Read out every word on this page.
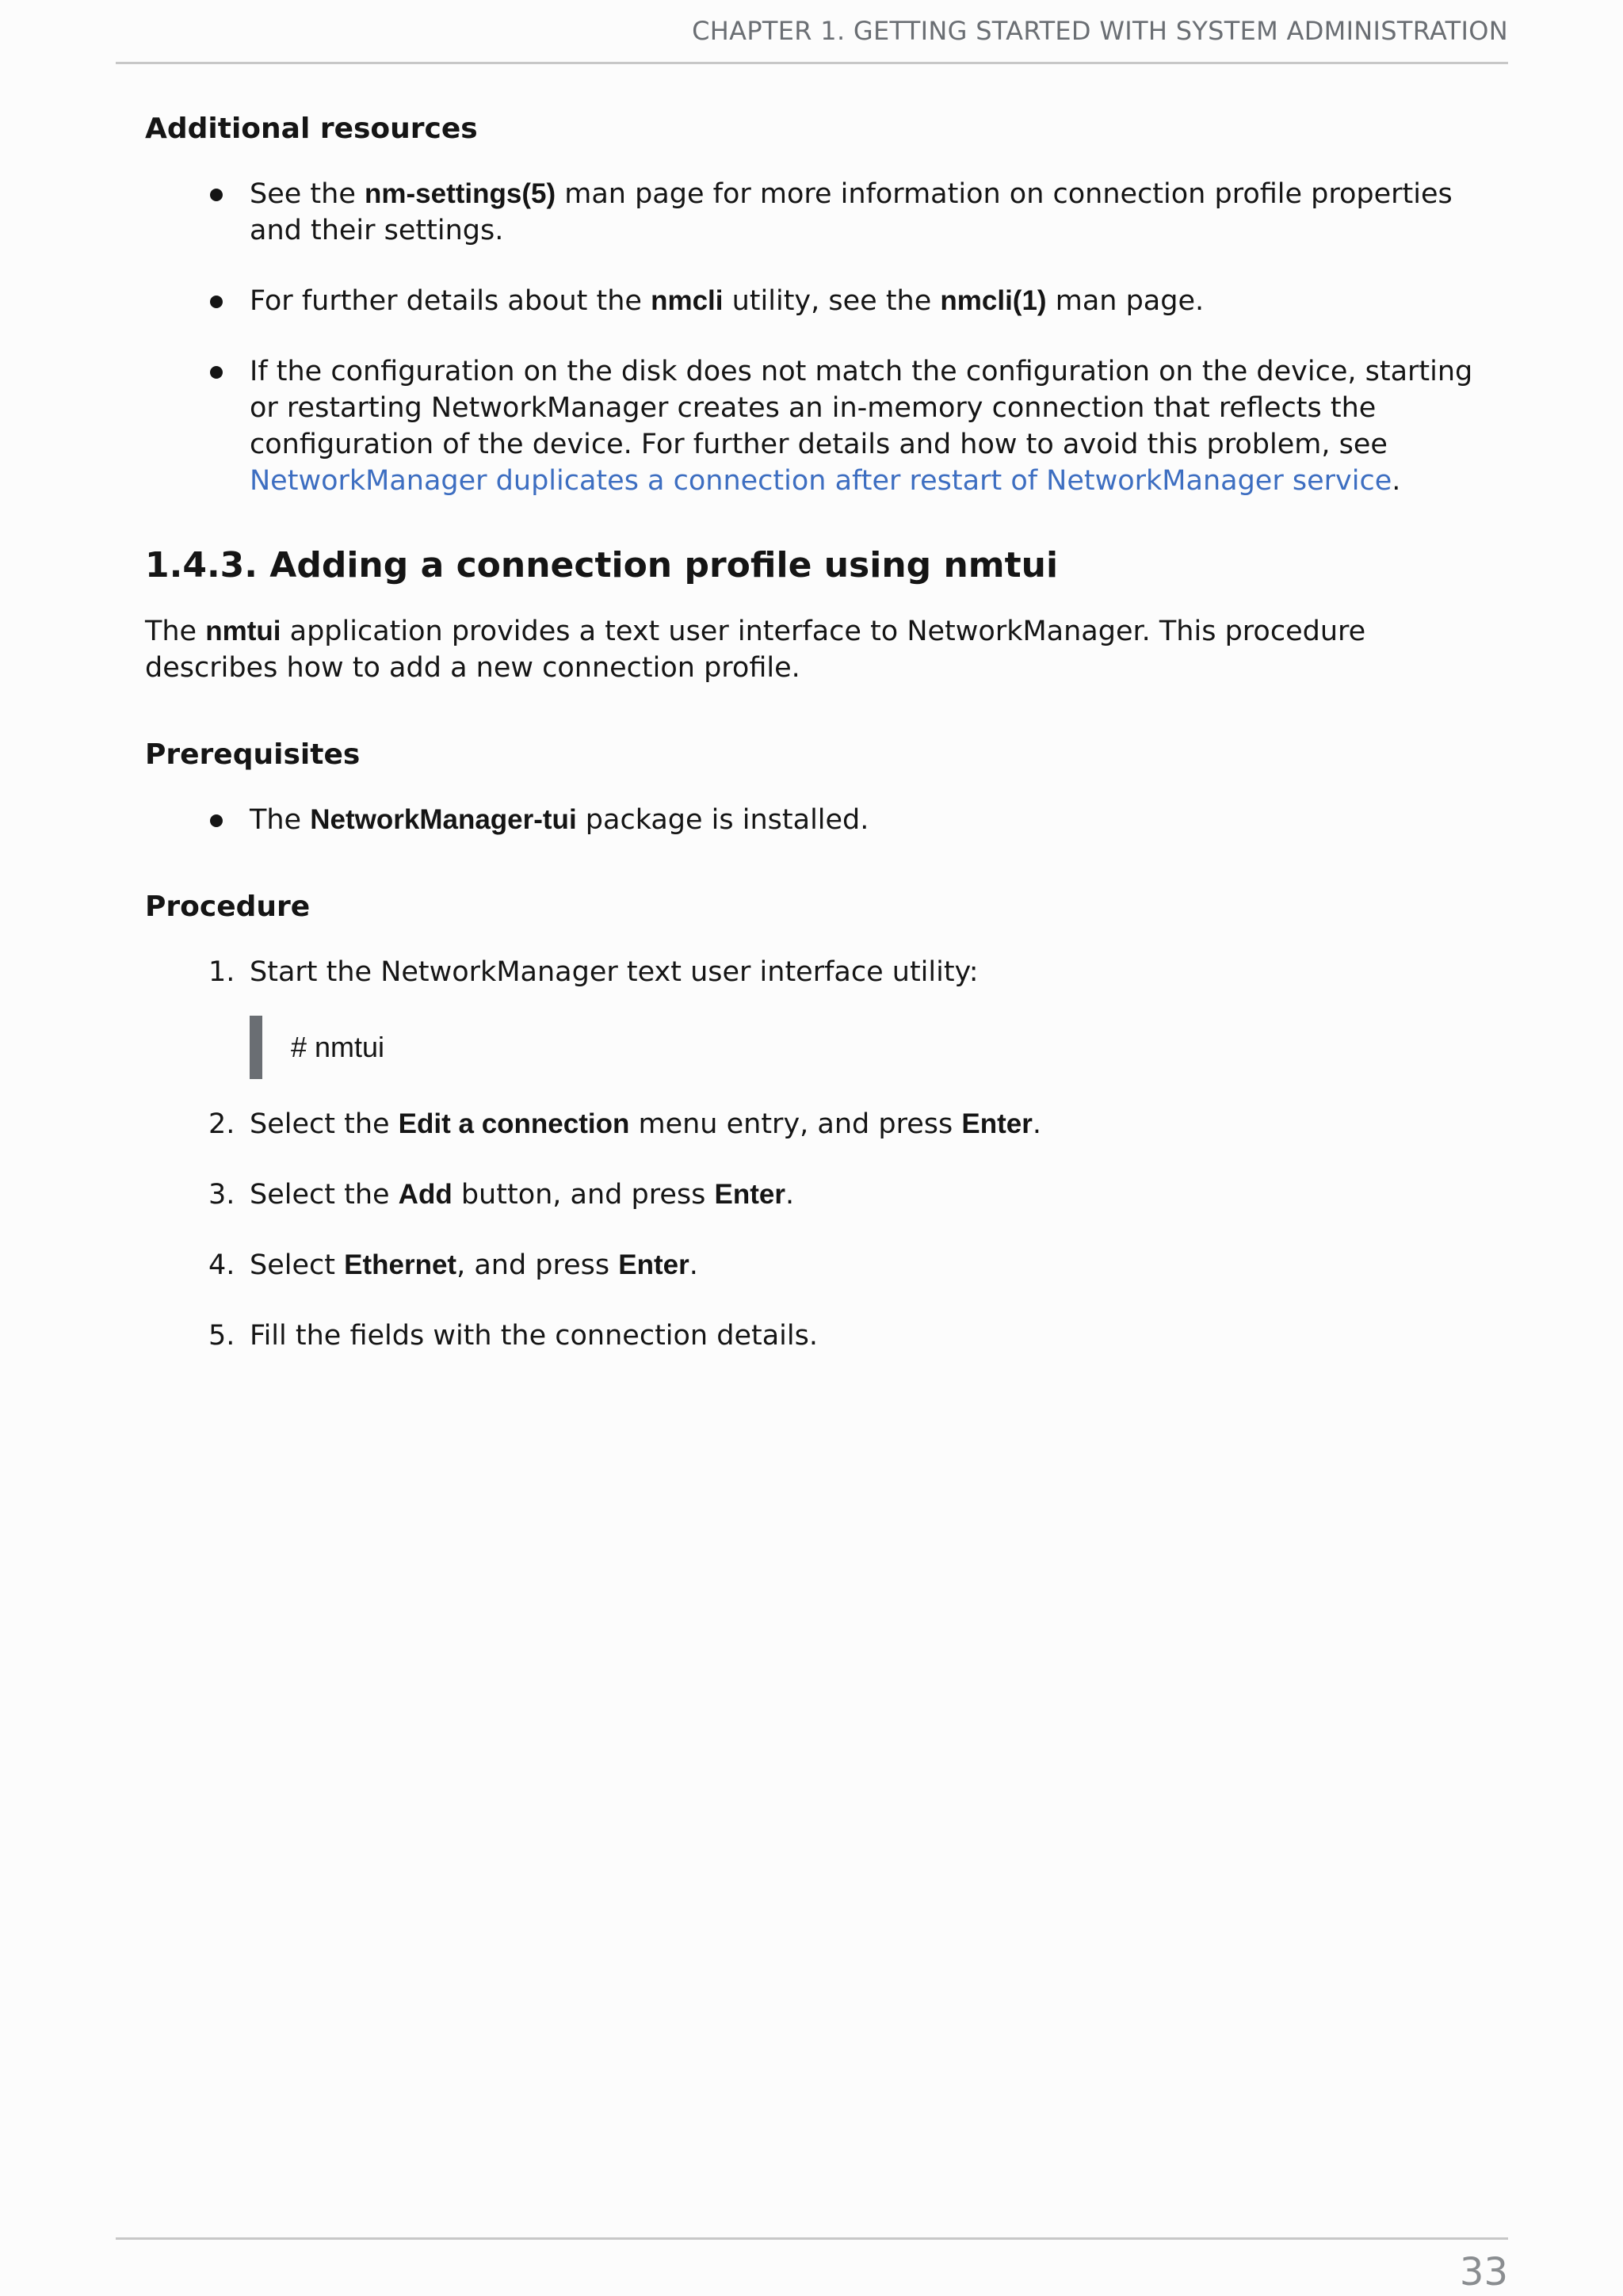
CHAPTER 1. GETTING STARTED WITH SYSTEM ADMINISTRATION
Additional resources
See the nm-settings(5) man page for more information on connection profile properties and their settings.
For further details about the nmcli utility, see the nmcli(1) man page.
If the configuration on the disk does not match the configuration on the device, starting or restarting NetworkManager creates an in-memory connection that reflects the configuration of the device. For further details and how to avoid this problem, see NetworkManager duplicates a connection after restart of NetworkManager service.
1.4.3. Adding a connection profile using nmtui

The nmtui application provides a text user interface to NetworkManager. This procedure describes how to add a new connection profile.

Prerequisites
The NetworkManager-tui package is installed.
Procedure
1. Start the NetworkManager text user interface utility:
# nmtui
2. Select the Edit a connection menu entry, and press Enter.
3. Select the Add button, and press Enter.
4. Select Ethernet, and press Enter.
5. Fill the fields with the connection details.
33
